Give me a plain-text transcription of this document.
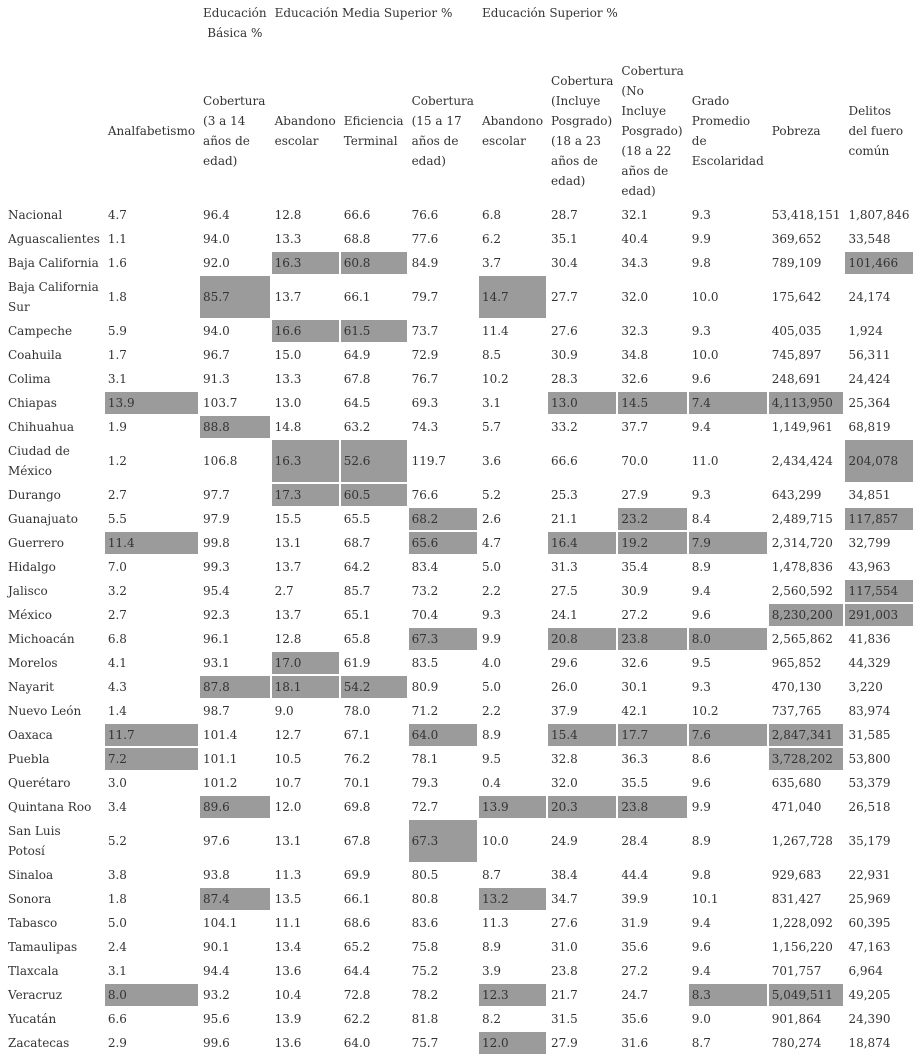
		Educación Básica %	Educación Media Superior %			Educación Superior %					
	Analfabetismo	Cobertura (3 a 14 años de edad)	Abandono escolar	Eficiencia Terminal	Cobertura (15 a 17 años de edad)	Abandono escolar	Cobertura (Incluye Posgrado) (18 a 23 años de edad)	Cobertura (No Incluye Posgrado) (18 a 22 años de edad)	Grado Promedio de Escolaridad	Pobreza	Delitos del fuero común
Nacional	4.7	96.4	12.8	66.6	76.6	6.8	28.7	32.1	9.3	53,418,151	1,807,846
Aguascalientes	1.1	94.0	13.3	68.8	77.6	6.2	35.1	40.4	9.9	369,652	33,548
Baja California	1.6	92.0	16.3	60.8	84.9	3.7	30.4	34.3	9.8	789,109	101,466
Baja California Sur	1.8	85.7	13.7	66.1	79.7	14.7	27.7	32.0	10.0	175,642	24,174
Campeche	5.9	94.0	16.6	61.5	73.7	11.4	27.6	32.3	9.3	405,035	1,924
Coahuila	1.7	96.7	15.0	64.9	72.9	8.5	30.9	34.8	10.0	745,897	56,311
Colima	3.1	91.3	13.3	67.8	76.7	10.2	28.3	32.6	9.6	248,691	24,424
Chiapas	13.9	103.7	13.0	64.5	69.3	3.1	13.0	14.5	7.4	4,113,950	25,364
Chihuahua	1.9	88.8	14.8	63.2	74.3	5.7	33.2	37.7	9.4	1,149,961	68,819
Ciudad de México	1.2	106.8	16.3	52.6	119.7	3.6	66.6	70.0	11.0	2,434,424	204,078
Durango	2.7	97.7	17.3	60.5	76.6	5.2	25.3	27.9	9.3	643,299	34,851
Guanajuato	5.5	97.9	15.5	65.5	68.2	2.6	21.1	23.2	8.4	2,489,715	117,857
Guerrero	11.4	99.8	13.1	68.7	65.6	4.7	16.4	19.2	7.9	2,314,720	32,799
Hidalgo	7.0	99.3	13.7	64.2	83.4	5.0	31.3	35.4	8.9	1,478,836	43,963
Jalisco	3.2	95.4	2.7	85.7	73.2	2.2	27.5	30.9	9.4	2,560,592	117,554
México	2.7	92.3	13.7	65.1	70.4	9.3	24.1	27.2	9.6	8,230,200	291,003
Michoacán	6.8	96.1	12.8	65.8	67.3	9.9	20.8	23.8	8.0	2,565,862	41,836
Morelos	4.1	93.1	17.0	61.9	83.5	4.0	29.6	32.6	9.5	965,852	44,329
Nayarit	4.3	87.8	18.1	54.2	80.9	5.0	26.0	30.1	9.3	470,130	3,220
Nuevo León	1.4	98.7	9.0	78.0	71.2	2.2	37.9	42.1	10.2	737,765	83,974
Oaxaca	11.7	101.4	12.7	67.1	64.0	8.9	15.4	17.7	7.6	2,847,341	31,585
Puebla	7.2	101.1	10.5	76.2	78.1	9.5	32.8	36.3	8.6	3,728,202	53,800
Querétaro	3.0	101.2	10.7	70.1	79.3	0.4	32.0	35.5	9.6	635,680	53,379
Quintana Roo	3.4	89.6	12.0	69.8	72.7	13.9	20.3	23.8	9.9	471,040	26,518
San Luis Potosí	5.2	97.6	13.1	67.8	67.3	10.0	24.9	28.4	8.9	1,267,728	35,179
Sinaloa	3.8	93.8	11.3	69.9	80.5	8.7	38.4	44.4	9.8	929,683	22,931
Sonora	1.8	87.4	13.5	66.1	80.8	13.2	34.7	39.9	10.1	831,427	25,969
Tabasco	5.0	104.1	11.1	68.6	83.6	11.3	27.6	31.9	9.4	1,228,092	60,395
Tamaulipas	2.4	90.1	13.4	65.2	75.8	8.9	31.0	35.6	9.6	1,156,220	47,163
Tlaxcala	3.1	94.4	13.6	64.4	75.2	3.9	23.8	27.2	9.4	701,757	6,964
Veracruz	8.0	93.2	10.4	72.8	78.2	12.3	21.7	24.7	8.3	5,049,511	49,205
Yucatán	6.6	95.6	13.9	62.2	81.8	8.2	31.5	35.6	9.0	901,864	24,390
Zacatecas	2.9	99.6	13.6	64.0	75.7	12.0	27.9	31.6	8.7	780,274	18,874
